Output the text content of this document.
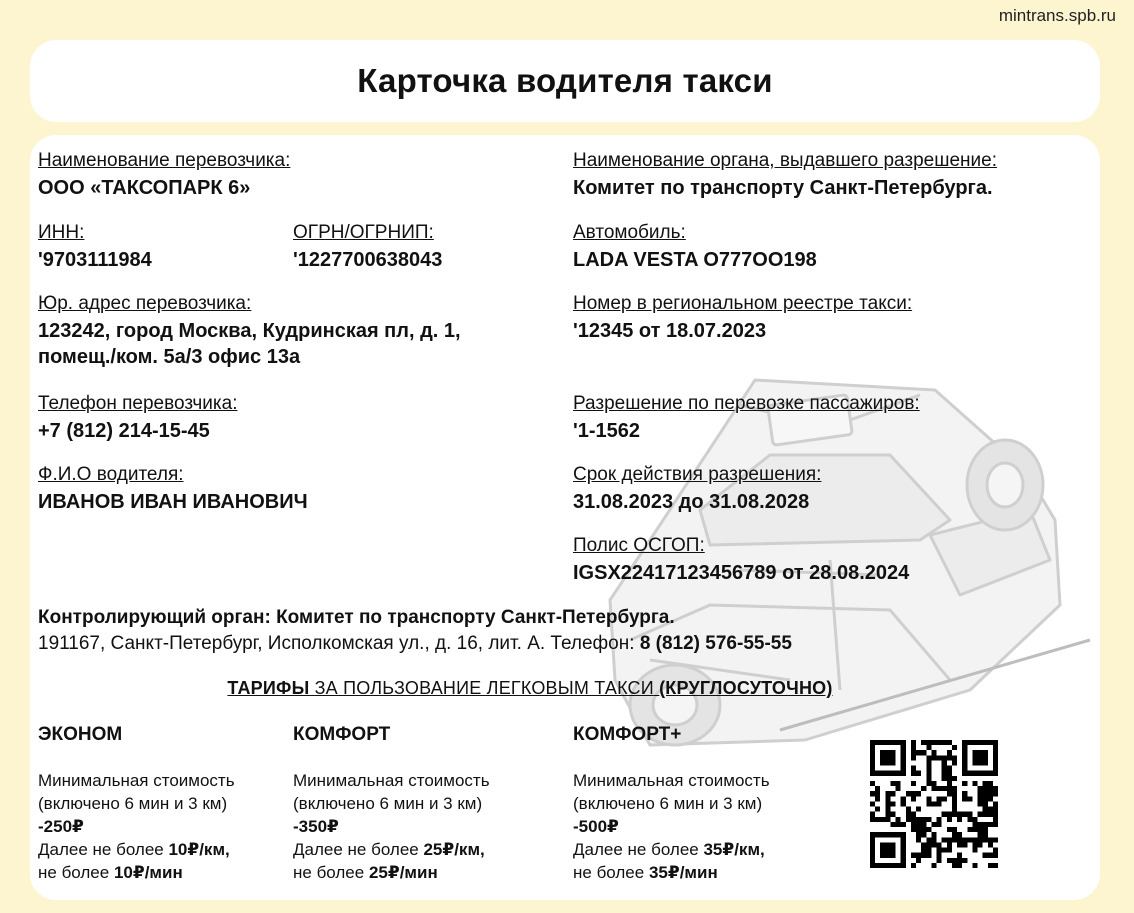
mintrans.spb.ru
Карточка водителя такси
Наименование перевозчика:
ООО «ТАКСОПАРК 6»
ИНН:
'9703111984
ОГРН/ОГРНИП:
'1227700638043
Юр. адрес перевозчика:
123242, город Москва, Кудринская пл, д. 1,
помещ./ком. 5а/3 офис 13а
Телефон перевозчика:
+7 (812) 214-15-45
Ф.И.О водителя:
ИВАНОВ ИВАН ИВАНОВИЧ
Наименование органа, выдавшего разрешение:
Комитет по транспорту Санкт-Петербурга.
Автомобиль:
LADA VESTA О777ОО198
Номер в региональном реестре такси:
'12345 от 18.07.2023
Разрешение по перевозке пассажиров:
'1-1562
Срок действия разрешения:
31.08.2023 до 31.08.2028
Полис ОСГОП:
IGSX22417123456789 от 28.08.2024
Контролирующий орган: Комитет по транспорту Санкт-Петербурга.
191167, Санкт-Петербург, Исполкомская ул., д. 16, лит. А. Телефон: 8 (812) 576-55-55
ТАРИФЫ ЗА ПОЛЬЗОВАНИЕ ЛЕГКОВЫМ ТАКСИ (КРУГЛОСУТОЧНО)
ЭКОНОМ
Минимальная стоимость
(включено 6 мин и 3 км)
-250₽
Далее не более 10₽/км,
не более 10₽/мин
КОМФОРТ
Минимальная стоимость
(включено 6 мин и 3 км)
-350₽
Далее не более 25₽/км,
не более 25₽/мин
КОМФОРТ+
Минимальная стоимость
(включено 6 мин и 3 км)
-500₽
Далее не более 35₽/км,
не более 35₽/мин
